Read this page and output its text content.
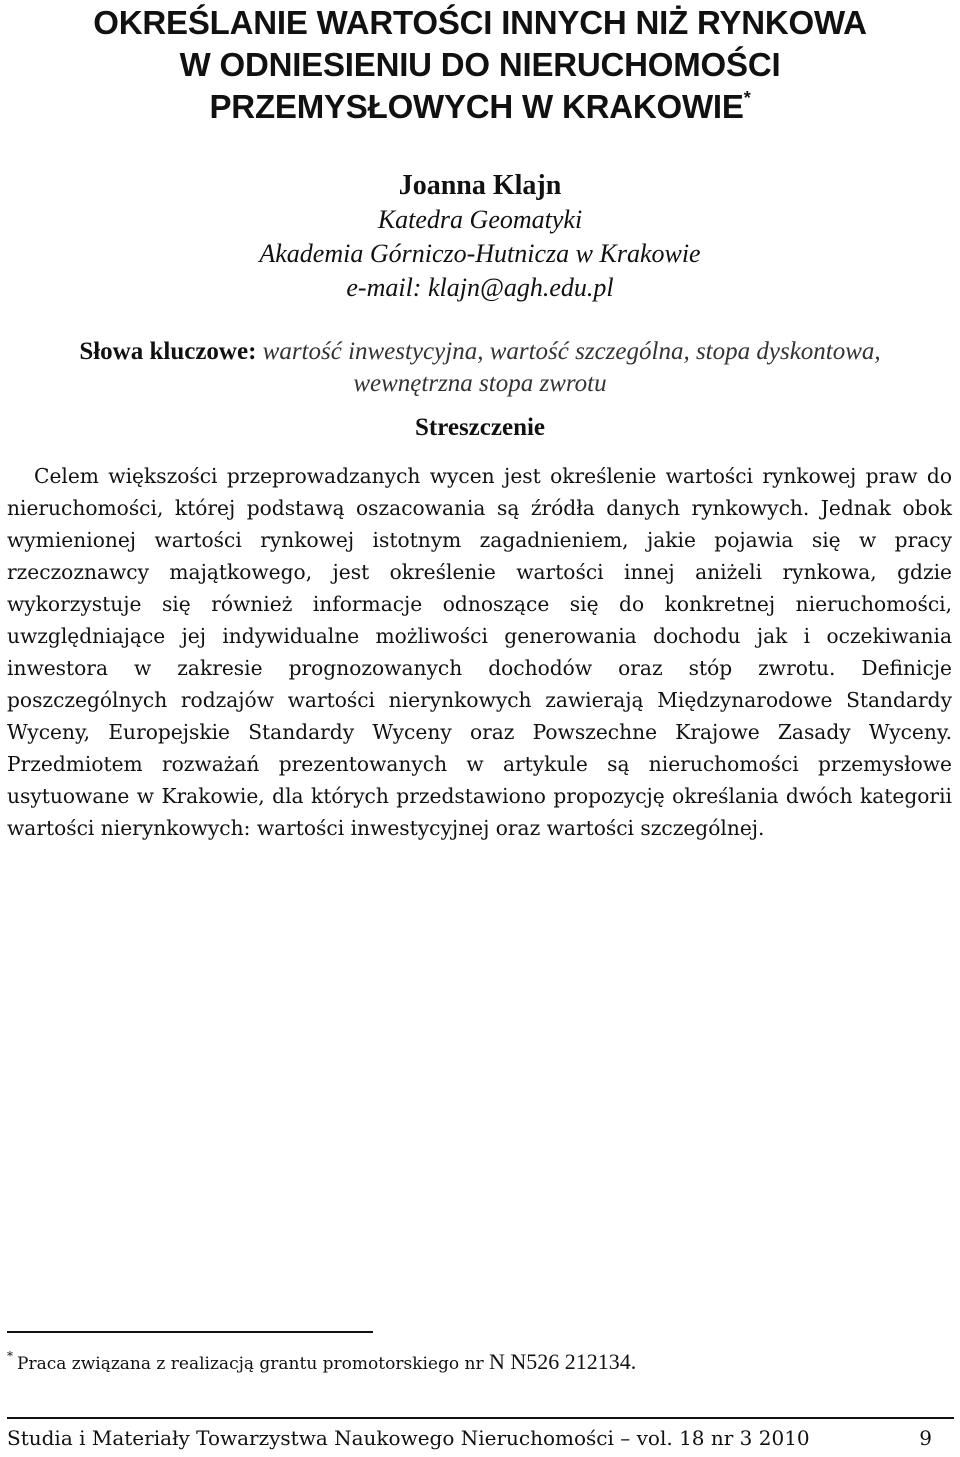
OKREŚLANIE WARTOŚCI INNYCH NIŻ RYNKOWA
W ODNIESIENIU DO NIERUCHOMOŚCI
PRZEMYSŁOWYCH W KRAKOWIE*
Joanna Klajn
Katedra Geomatyki
Akademia Górniczo-Hutnicza w Krakowie
e-mail: klajn@agh.edu.pl
Słowa kluczowe: wartość inwestycyjna, wartość szczególna, stopa dyskontowa,
wewnętrzna stopa zwrotu
Streszczenie

Celem większości przeprowadzanych wycen jest określenie wartości rynkowej praw do nieruchomości, której podstawą oszacowania są źródła danych rynkowych. Jednak obok wymienionej wartości rynkowej istotnym zagadnieniem, jakie pojawia się w pracy rzeczoznawcy majątkowego, jest określenie wartości innej aniżeli rynkowa, gdzie wykorzystuje się również informacje odnoszące się do konkretnej nieruchomości, uwzględniające jej indywidualne możliwości generowania dochodu jak i oczekiwania inwestora w zakresie prognozowanych dochodów oraz stóp zwrotu. Definicje poszczególnych rodzajów wartości nierynkowych zawierają Międzynarodowe Standardy Wyceny, Europejskie Standardy Wyceny oraz Powszechne Krajowe Zasady Wyceny. Przedmiotem rozważań prezentowanych w artykule są nieruchomości przemysłowe usytuowane w Krakowie, dla których przedstawiono propozycję określania dwóch kategorii wartości nierynkowych: wartości inwestycyjnej oraz wartości szczególnej.

* Praca związana z realizacją grantu promotorskiego nr N N526 212134.
Studia i Materiały Towarzystwa Naukowego Nieruchomości – vol. 18 nr 3 2010	9
